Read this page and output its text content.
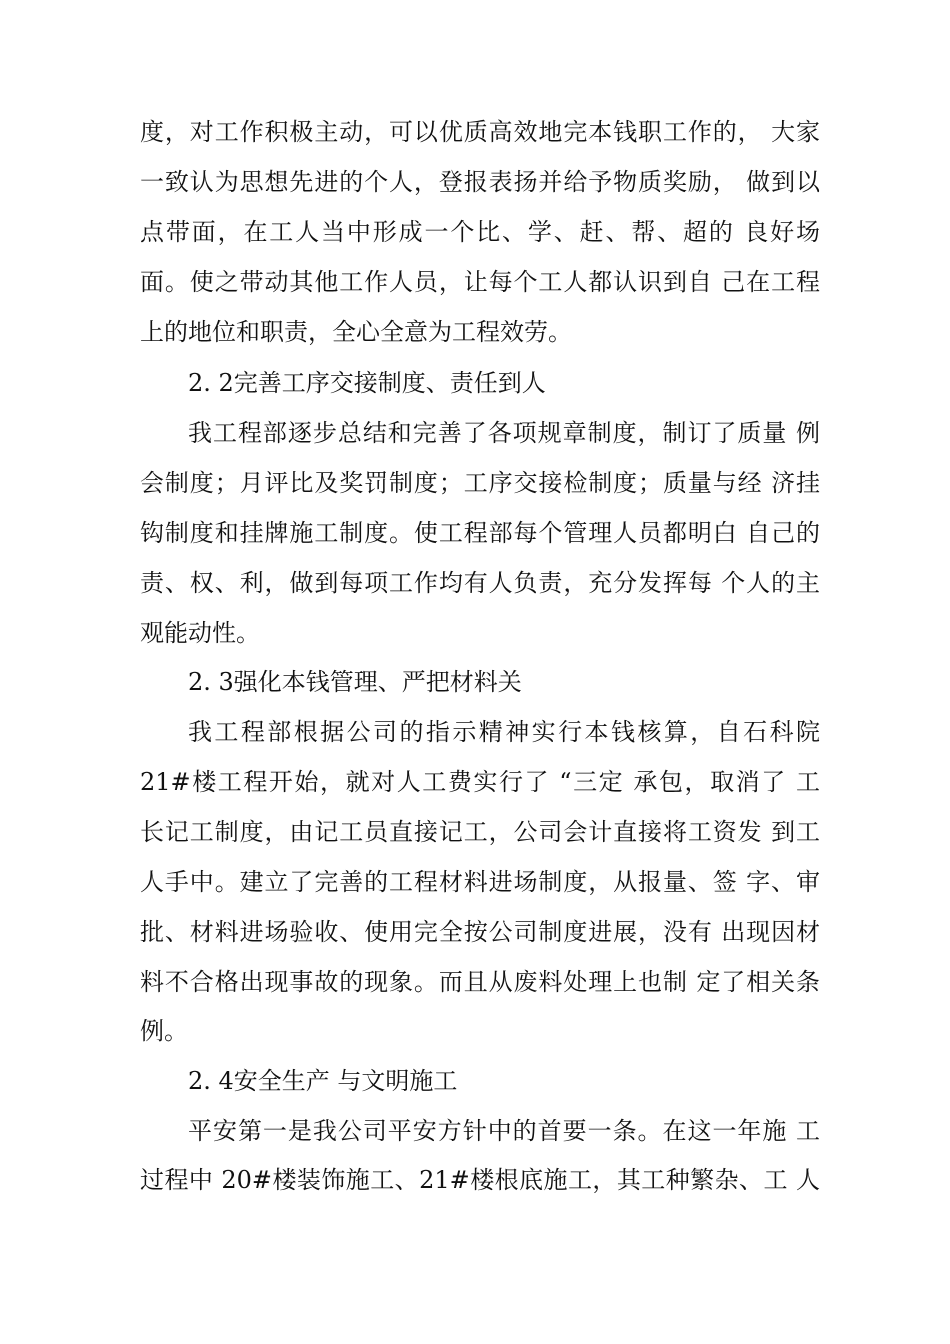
度，对工作积极主动，可以优质高效地完本钱职工作的， 大家
一致认为思想先进的个人，登报表扬并给予物质奖励， 做到以
点带面，在工人当中形成一个比、学、赶、帮、超的 良好场
面。使之带动其他工作人员，让每个工人都认识到自 己在工程
上的地位和职责，全心全意为工程效劳。
2. 2完善工序交接制度、责任到人
我工程部逐步总结和完善了各项规章制度，制订了质量 例
会制度；月评比及奖罚制度；工序交接检制度；质量与经 济挂
钩制度和挂牌施工制度。使工程部每个管理人员都明白 自己的
责、权、利，做到每项工作均有人负责，充分发挥每 个人的主
观能动性。
2. 3强化本钱管理、严把材料关
我工程部根据公司的指示精神实行本钱核算，自石科院
21#楼工程开始，就对人工费实行了 “三定 承包，取消了 工
长记工制度，由记工员直接记工，公司会计直接将工资发 到工
人手中。建立了完善的工程材料进场制度，从报量、签 字、审
批、材料进场验收、使用完全按公司制度进展，没有 出现因材
料不合格出现事故的现象。而且从废料处理上也制 定了相关条
例。
2. 4安全生产 与文明施工
平安第一是我公司平安方针中的首要一条。在这一年施 工
过程中 20#楼装饰施工、21#楼根底施工，其工种繁杂、工 人
